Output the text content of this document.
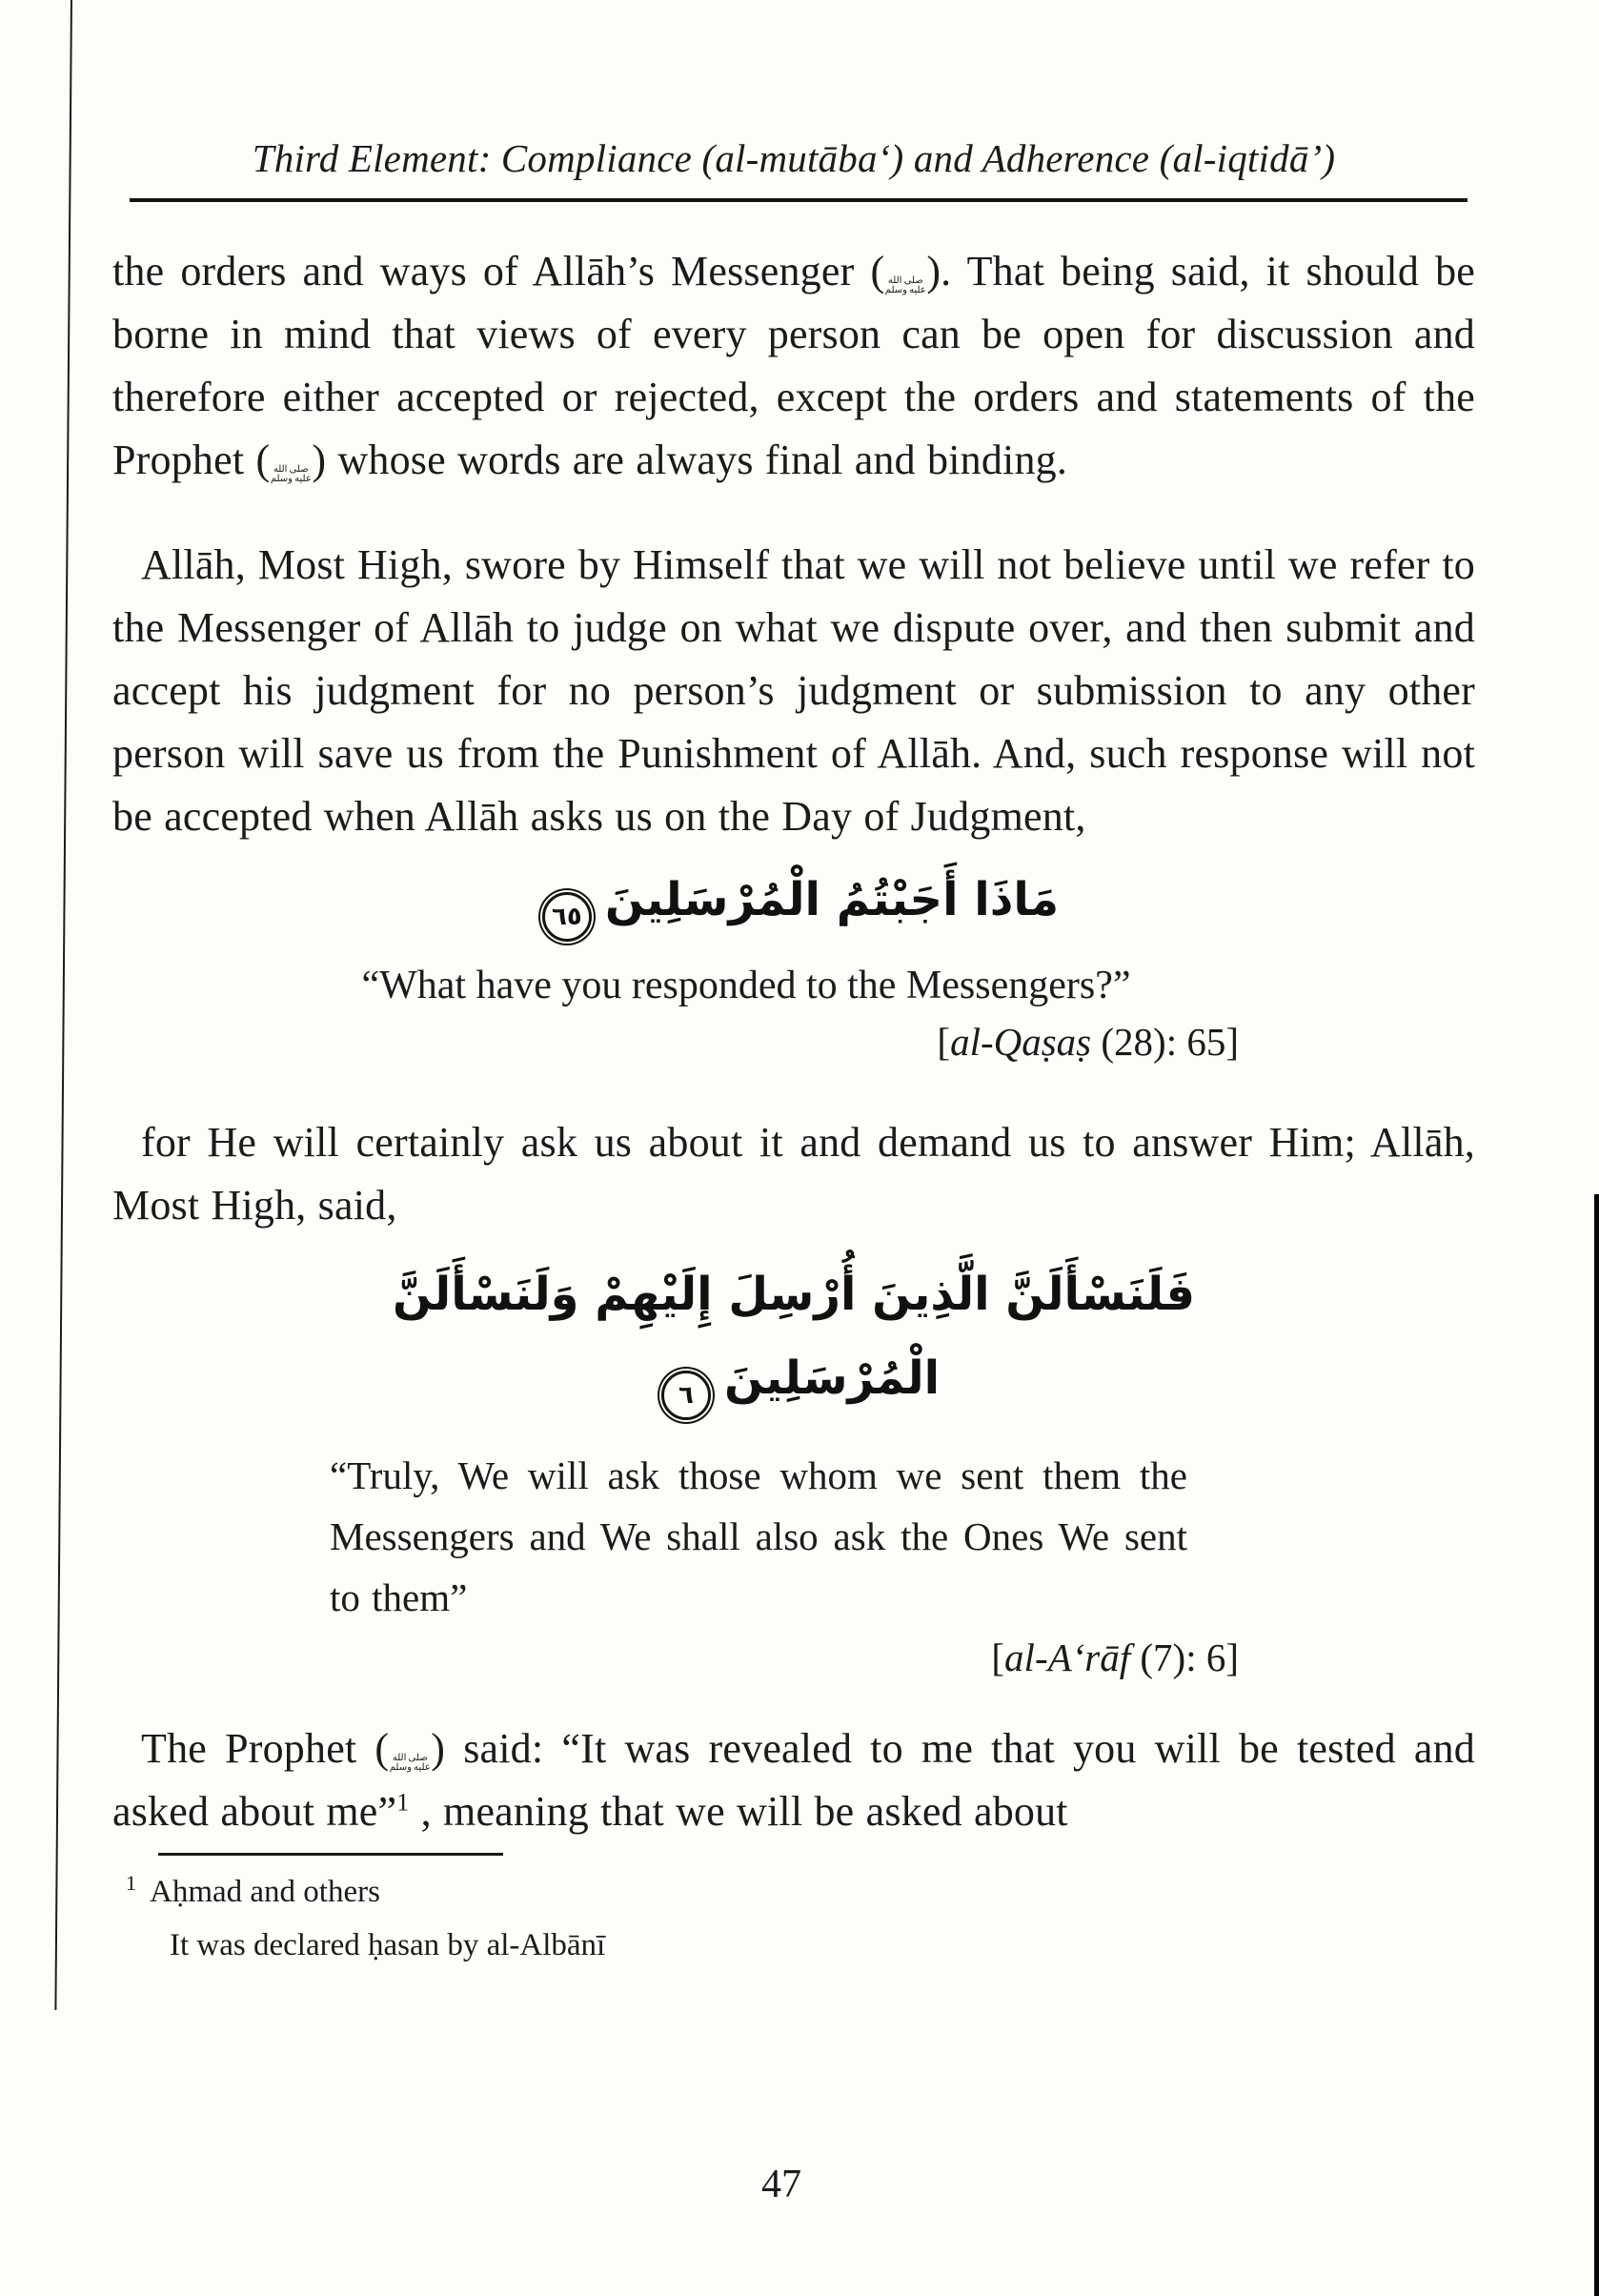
Third Element: Compliance (al-mutāba‘) and Adherence (al-iqtidā’)

the orders and ways of Allāh’s Messenger ( صلى الله عليه وسلم). That being said, it should be borne in mind that views of every person can be open for discussion and therefore either accepted or rejected, except the orders and statements of the Prophet ( صلى الله عليه وسلم) whose words are always final and binding.

Allāh, Most High, swore by Himself that we will not believe until we refer to the Messenger of Allāh to judge on what we dispute over, and then submit and accept his judgment for no person’s judgment or submission to any other person will save us from the Punishment of Allāh. And, such response will not be accepted when Allāh asks us on the Day of Judgment,

مَاذَا أَجَبْتُمُ الْمُرْسَلِينَ٦٥
“What have you responded to the Messengers?”
[al-Qaṣaṣ (28): 65]

for He will certainly ask us about it and demand us to answer Him; Allāh, Most High, said,

فَلَنَسْأَلَنَّ الَّذِينَ أُرْسِلَ إِلَيْهِمْ وَلَنَسْأَلَنَّ
الْمُرْسَلِينَ٦
“Truly, We will ask those whom we sent them the Messengers and We shall also ask the Ones We sent to them”
[al-A‘rāf (7): 6]

The Prophet ( صلى الله عليه وسلم) said: “It was revealed to me that you will be tested and asked about me”$^1$ , meaning that we will be asked about

$^1$ Aḥmad and others
It was declared ḥasan by al-Albānī
47
